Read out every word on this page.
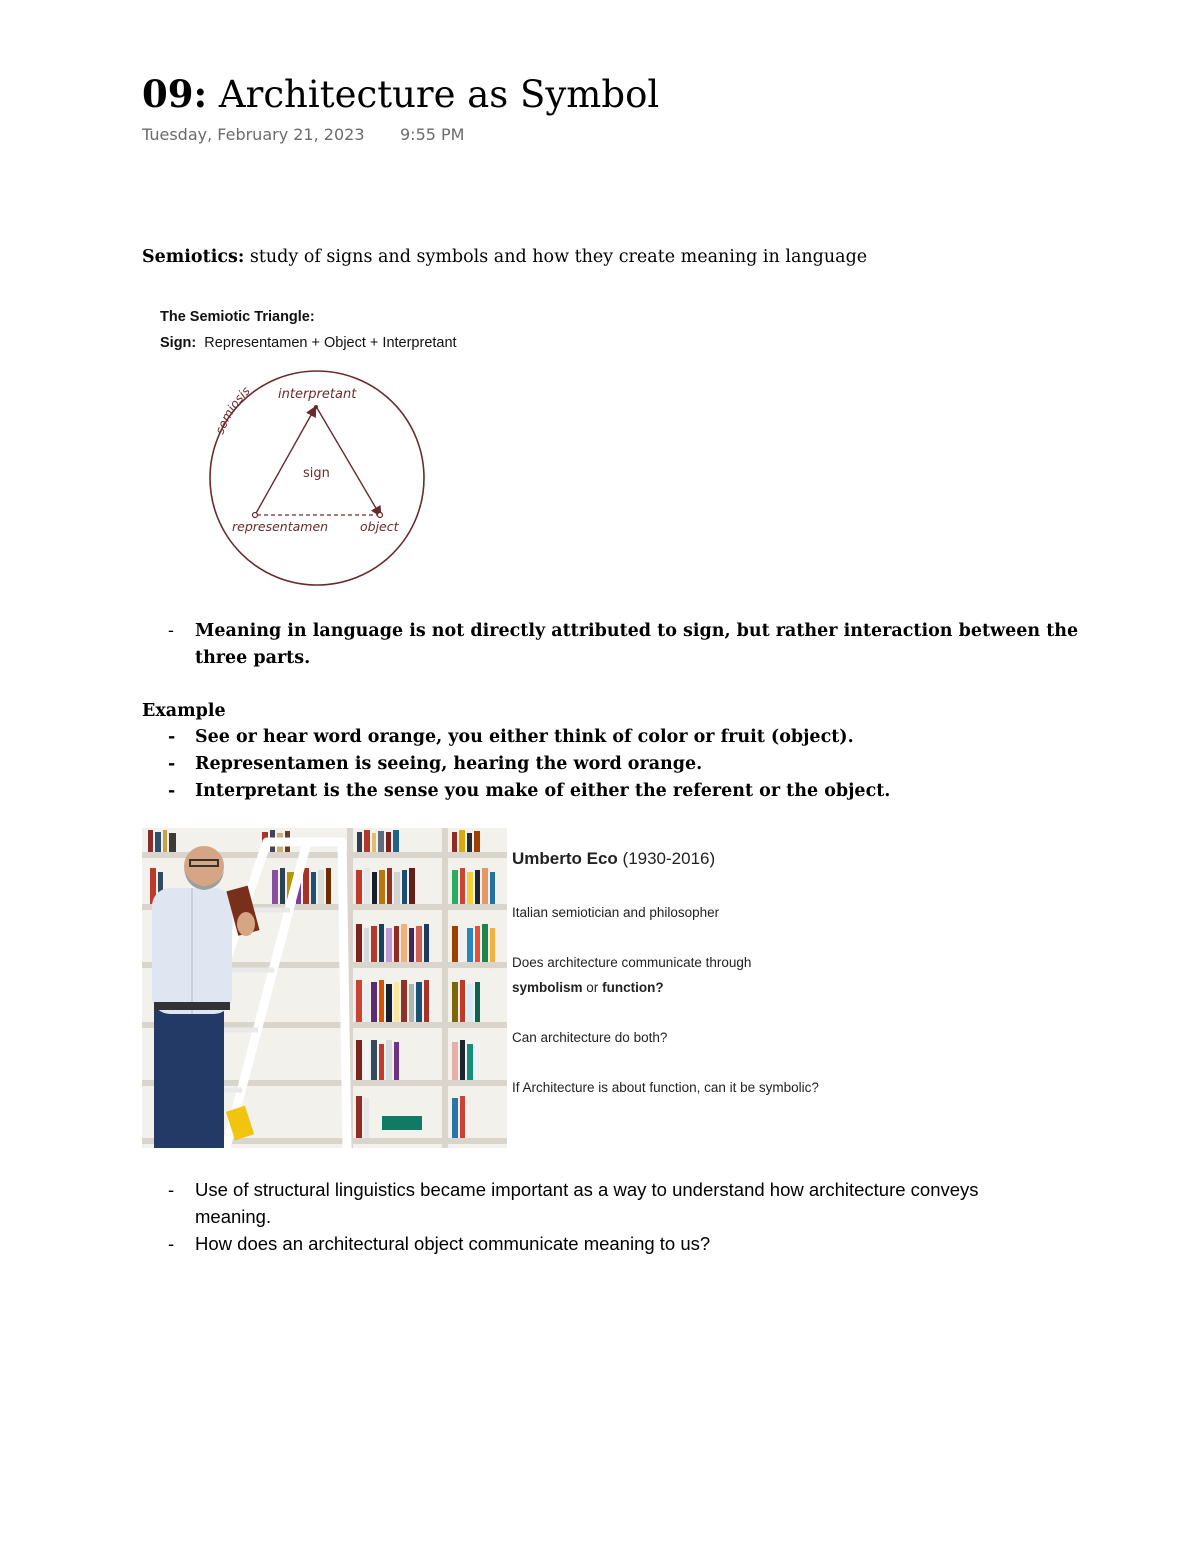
09: Architecture as Symbol
Tuesday, February 21, 2023 9:55 PM
Semiotics: study of signs and symbols and how they create meaning in language
The Semiotic Triangle:
Sign: Representamen + Object + Interpretant
semiosis interpretant
sign
representamen	object
- Meaning in language is not directly attributed to sign, but rather interaction between the
three parts.
Example
- See or hear word orange, you either think of color or fruit (object).
- Representamen is seeing, hearing the word orange.
- Interpretant is the sense you make of either the referent or the object.
Umberto Eco (1930-2016)
Italian semiotician and philosopher
Does architecture communicate through
symbolism or function?
Can architecture do both?
If Architecture is about function, can it be symbolic?
- Use of structural linguistics became important as a way to understand how architecture conveys
meaning.
- How does an architectural object communicate meaning to us?
